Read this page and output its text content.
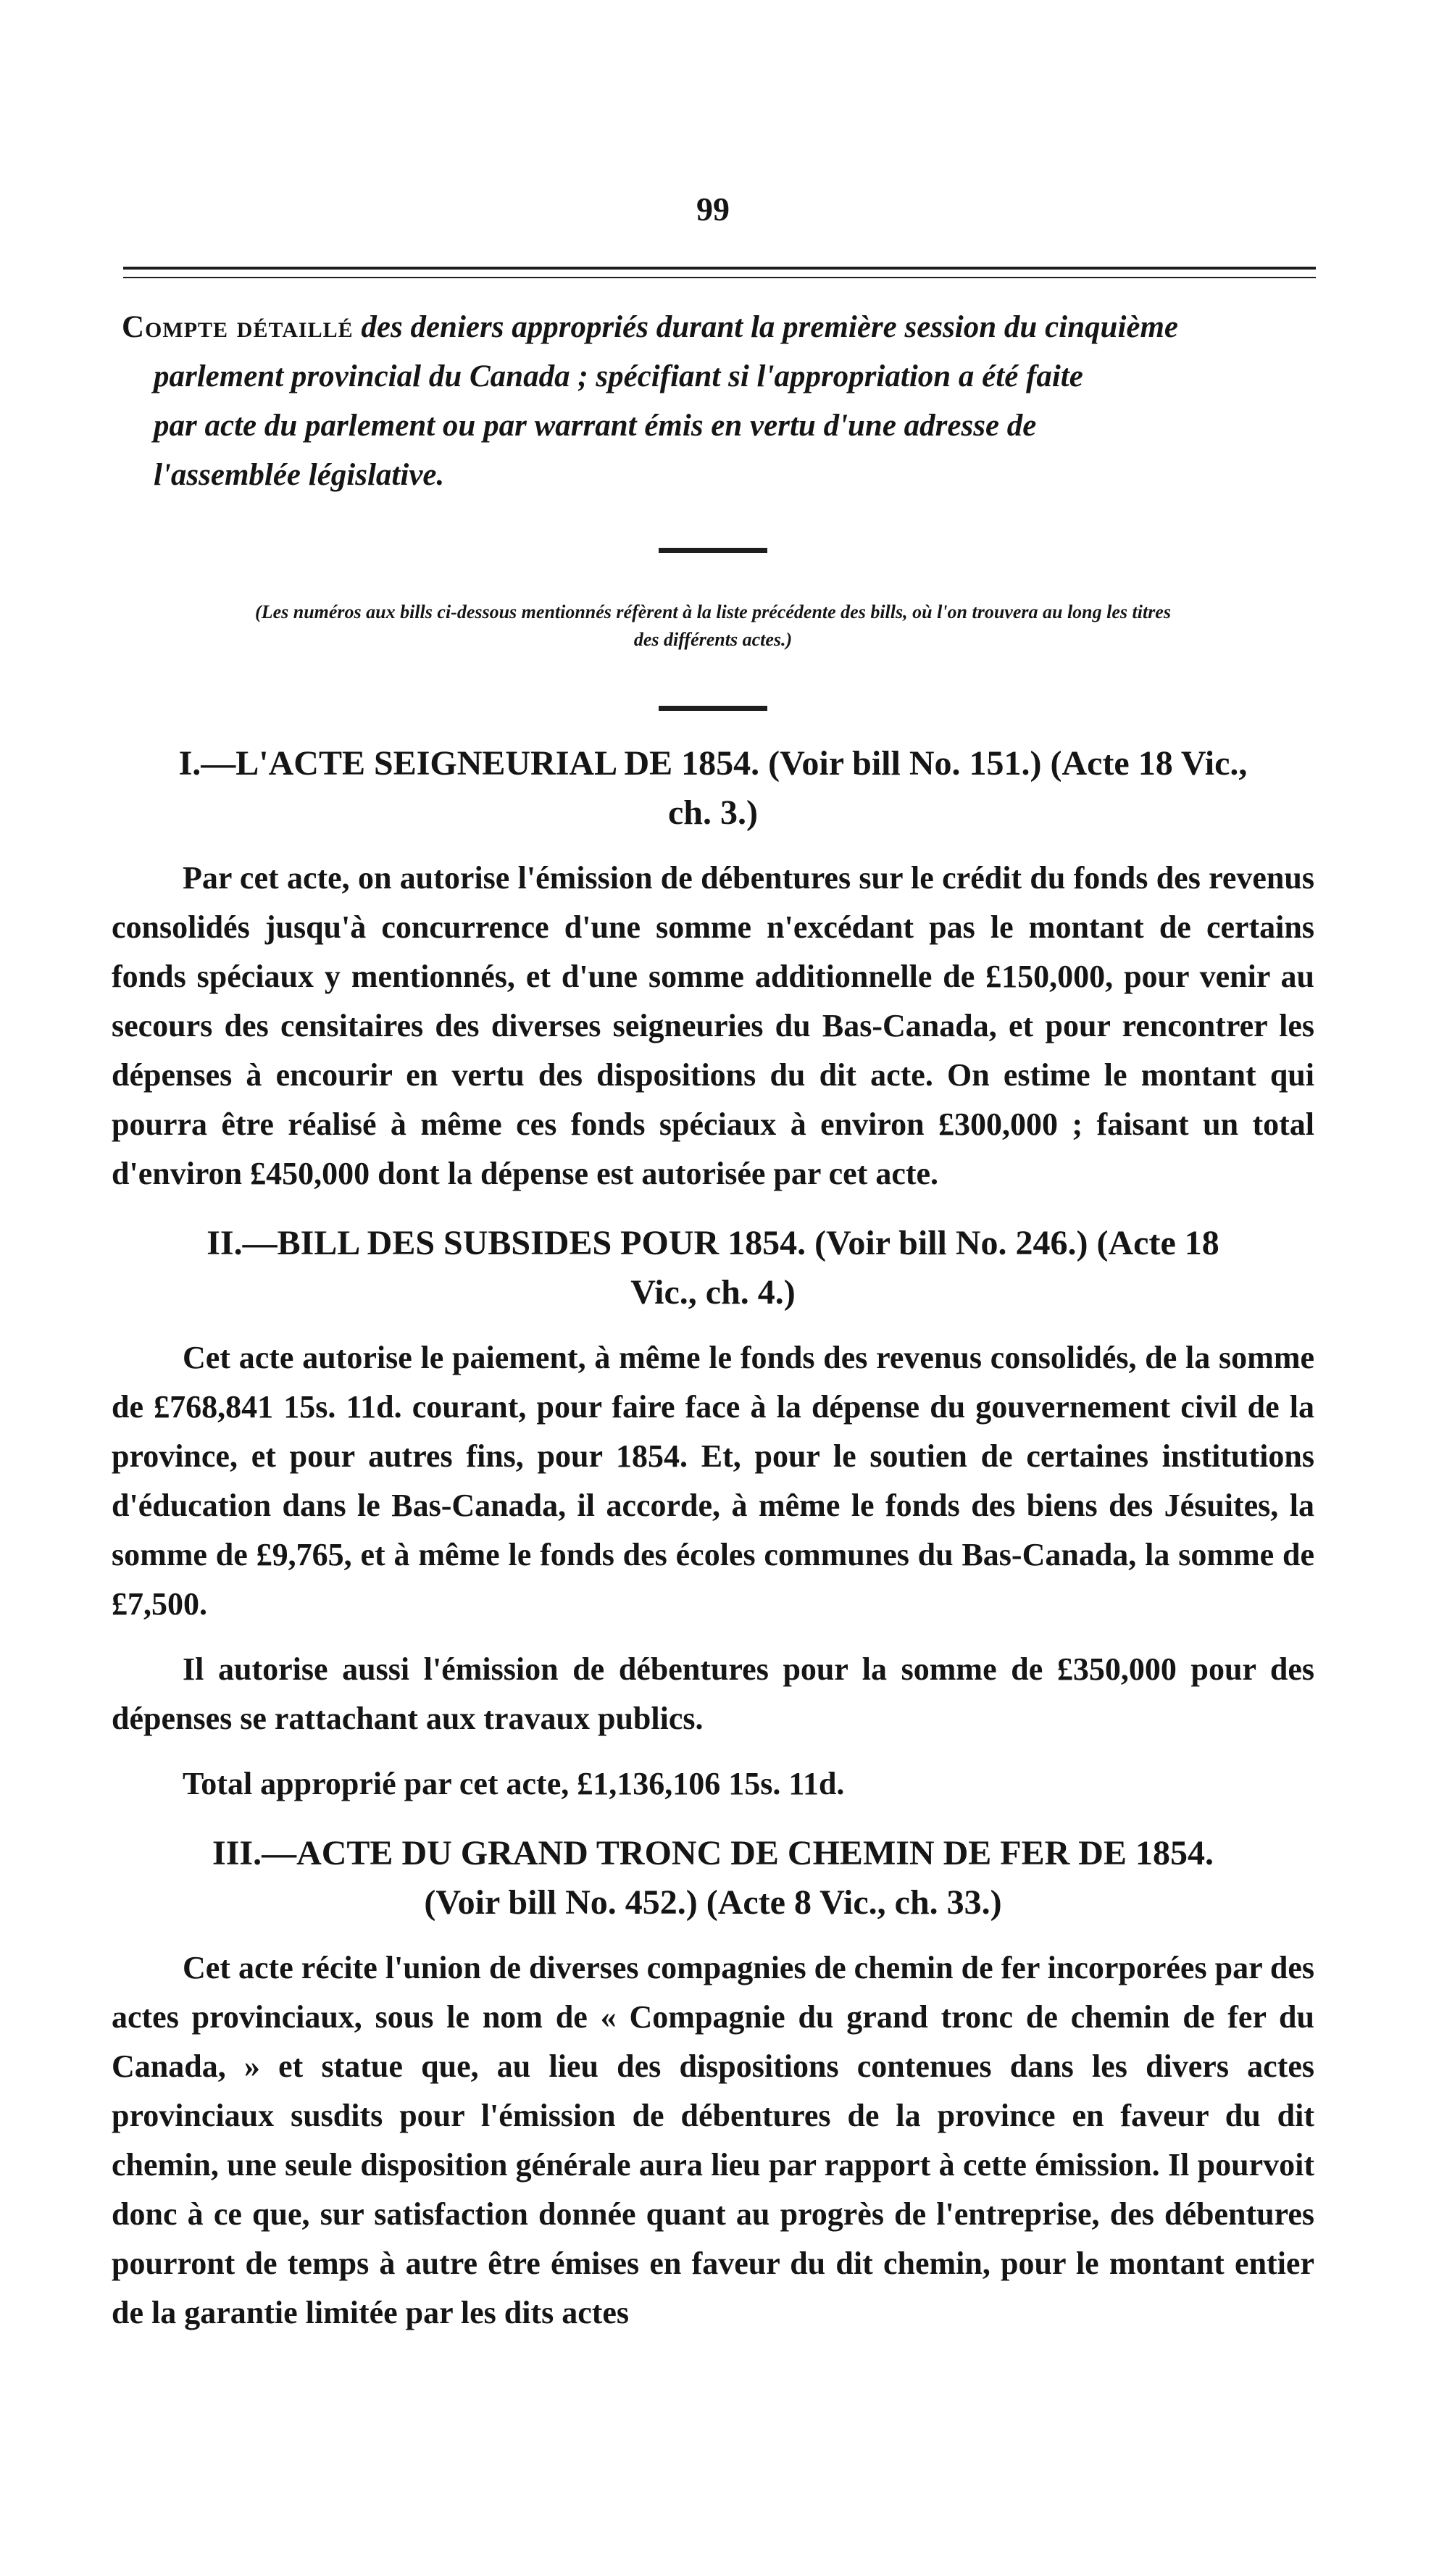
99
Compte détaillé des deniers appropriés durant la première session du cinquième
parlement provincial du Canada ; spécifiant si l'appropriation a été faite
par acte du parlement ou par warrant émis en vertu d'une adresse de
l'assemblée législative.
(Les numéros aux bills ci-dessous mentionnés réfèrent à la liste précédente des bills, où l'on trouvera au long les titres
des différents actes.)
I.—L'ACTE SEIGNEURIAL DE 1854. (Voir bill No. 151.) (Acte 18 Vic.,
ch. 3.)

Par cet acte, on autorise l'émission de débentures sur le crédit du fonds des revenus consolidés jusqu'à concurrence d'une somme n'excédant pas le montant de certains fonds spéciaux y mentionnés, et d'une somme additionnelle de £150,000, pour venir au secours des censitaires des diverses seigneuries du Bas-Canada, et pour rencontrer les dépenses à encourir en vertu des dispositions du dit acte. On estime le montant qui pourra être réalisé à même ces fonds spéciaux à environ £300,000 ; faisant un total d'environ £450,000 dont la dépense est autorisée par cet acte.

II.—BILL DES SUBSIDES POUR 1854. (Voir bill No. 246.) (Acte 18
Vic., ch. 4.)

Cet acte autorise le paiement, à même le fonds des revenus consolidés, de la somme de £768,841 15s. 11d. courant, pour faire face à la dépense du gouvernement civil de la province, et pour autres fins, pour 1854. Et, pour le soutien de certaines institutions d'éducation dans le Bas-Canada, il accorde, à même le fonds des biens des Jésuites, la somme de £9,765, et à même le fonds des écoles communes du Bas-Canada, la somme de £7,500.

Il autorise aussi l'émission de débentures pour la somme de £350,000 pour des dépenses se rattachant aux travaux publics.

Total approprié par cet acte, £1,136,106 15s. 11d.

III.—ACTE DU GRAND TRONC DE CHEMIN DE FER DE 1854.
(Voir bill No. 452.) (Acte 8 Vic., ch. 33.)

Cet acte récite l'union de diverses compagnies de chemin de fer incorporées par des actes provinciaux, sous le nom de « Compagnie du grand tronc de chemin de fer du Canada, » et statue que, au lieu des dispositions contenues dans les divers actes provinciaux susdits pour l'émission de débentures de la province en faveur du dit chemin, une seule disposition générale aura lieu par rapport à cette émission. Il pourvoit donc à ce que, sur satisfaction donnée quant au progrès de l'entreprise, des débentures pourront de temps à autre être émises en faveur du dit chemin, pour le montant entier de la garantie limitée par les dits actes
